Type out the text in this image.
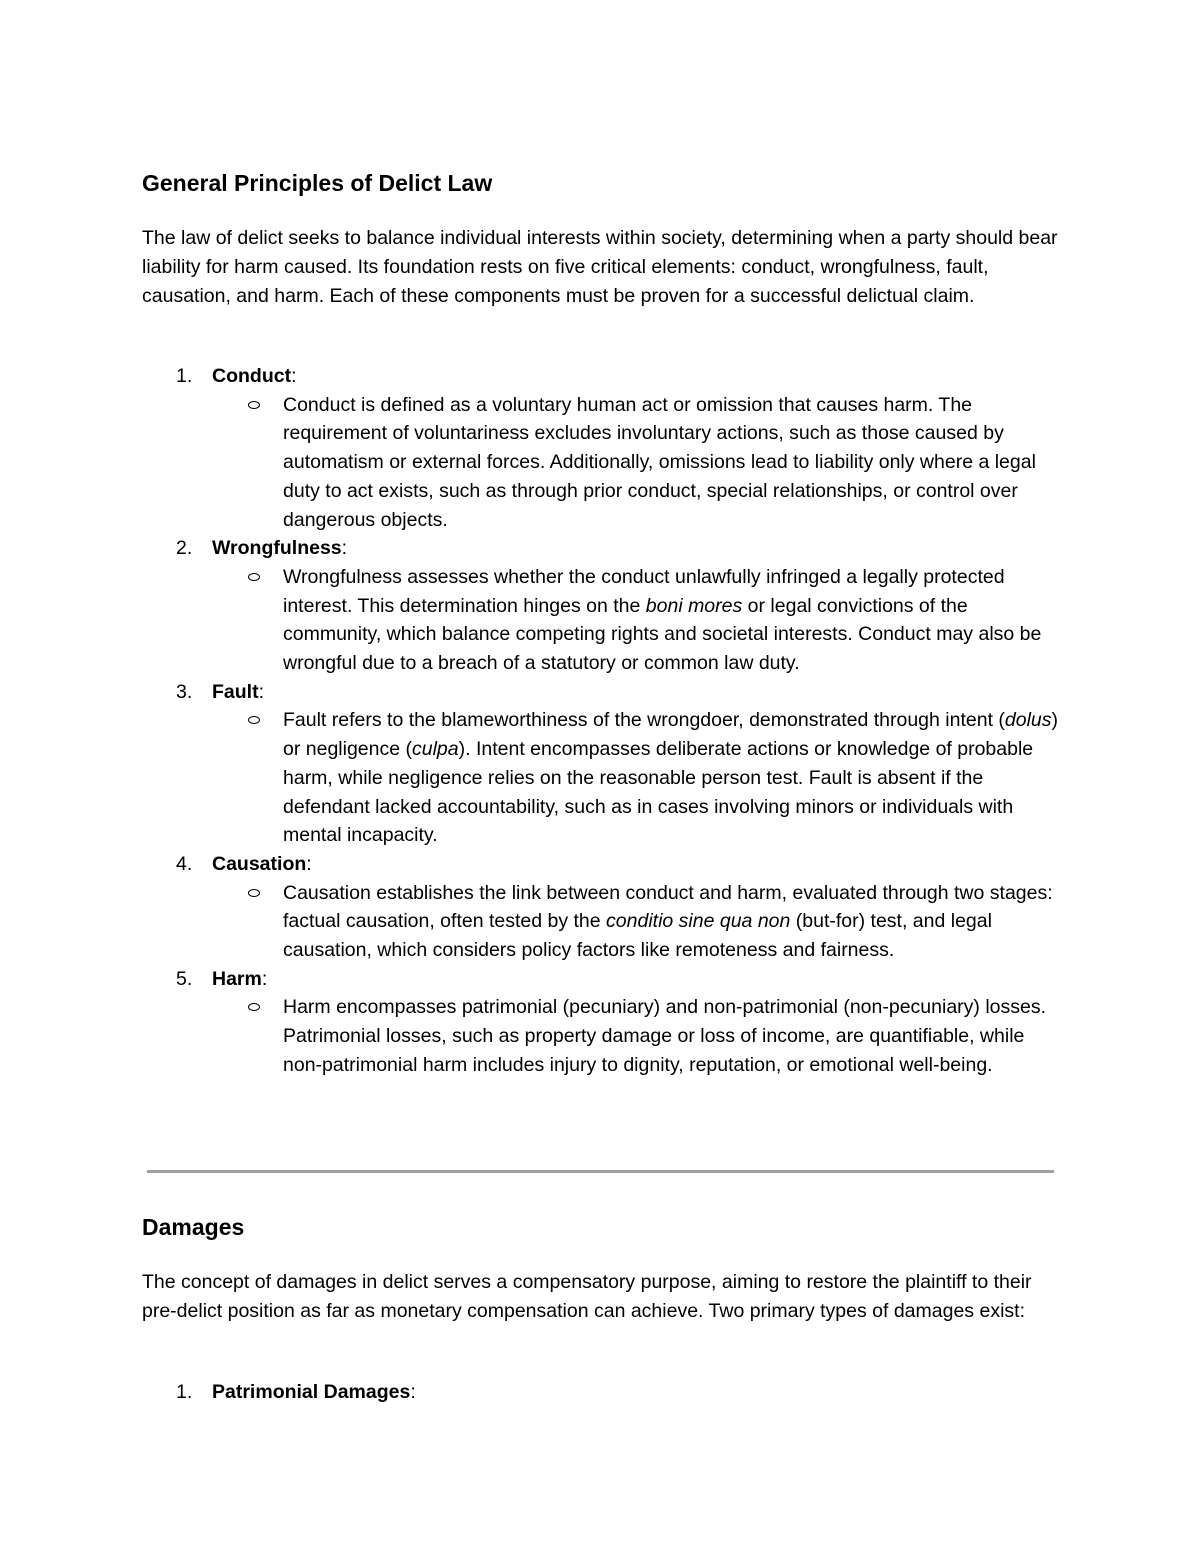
General Principles of Delict Law

The law of delict seeks to balance individual interests within society, determining when a party should bear liability for harm caused. Its foundation rests on five critical elements: conduct, wrongfulness, fault, causation, and harm. Each of these components must be proven for a successful delictual claim.

1. Conduct:

Conduct is defined as a voluntary human act or omission that causes harm. The requirement of voluntariness excludes involuntary actions, such as those caused by automatism or external forces. Additionally, omissions lead to liability only where a legal duty to act exists, such as through prior conduct, special relationships, or control over dangerous objects.

2. Wrongfulness:

Wrongfulness assesses whether the conduct unlawfully infringed a legally protected interest. This determination hinges on the boni mores or legal convictions of the community, which balance competing rights and societal interests. Conduct may also be wrongful due to a breach of a statutory or common law duty.

3. Fault:

Fault refers to the blameworthiness of the wrongdoer, demonstrated through intent (dolus) or negligence (culpa). Intent encompasses deliberate actions or knowledge of probable harm, while negligence relies on the reasonable person test. Fault is absent if the defendant lacked accountability, such as in cases involving minors or individuals with mental incapacity.

4. Causation:

Causation establishes the link between conduct and harm, evaluated through two stages: factual causation, often tested by the conditio sine qua non (but-for) test, and legal causation, which considers policy factors like remoteness and fairness.

5. Harm:

Harm encompasses patrimonial (pecuniary) and non-patrimonial (non-pecuniary) losses. Patrimonial losses, such as property damage or loss of income, are quantifiable, while non-patrimonial harm includes injury to dignity, reputation, or emotional well-being.

Damages

The concept of damages in delict serves a compensatory purpose, aiming to restore the plaintiff to their pre-delict position as far as monetary compensation can achieve. Two primary types of damages exist:

1. Patrimonial Damages:
